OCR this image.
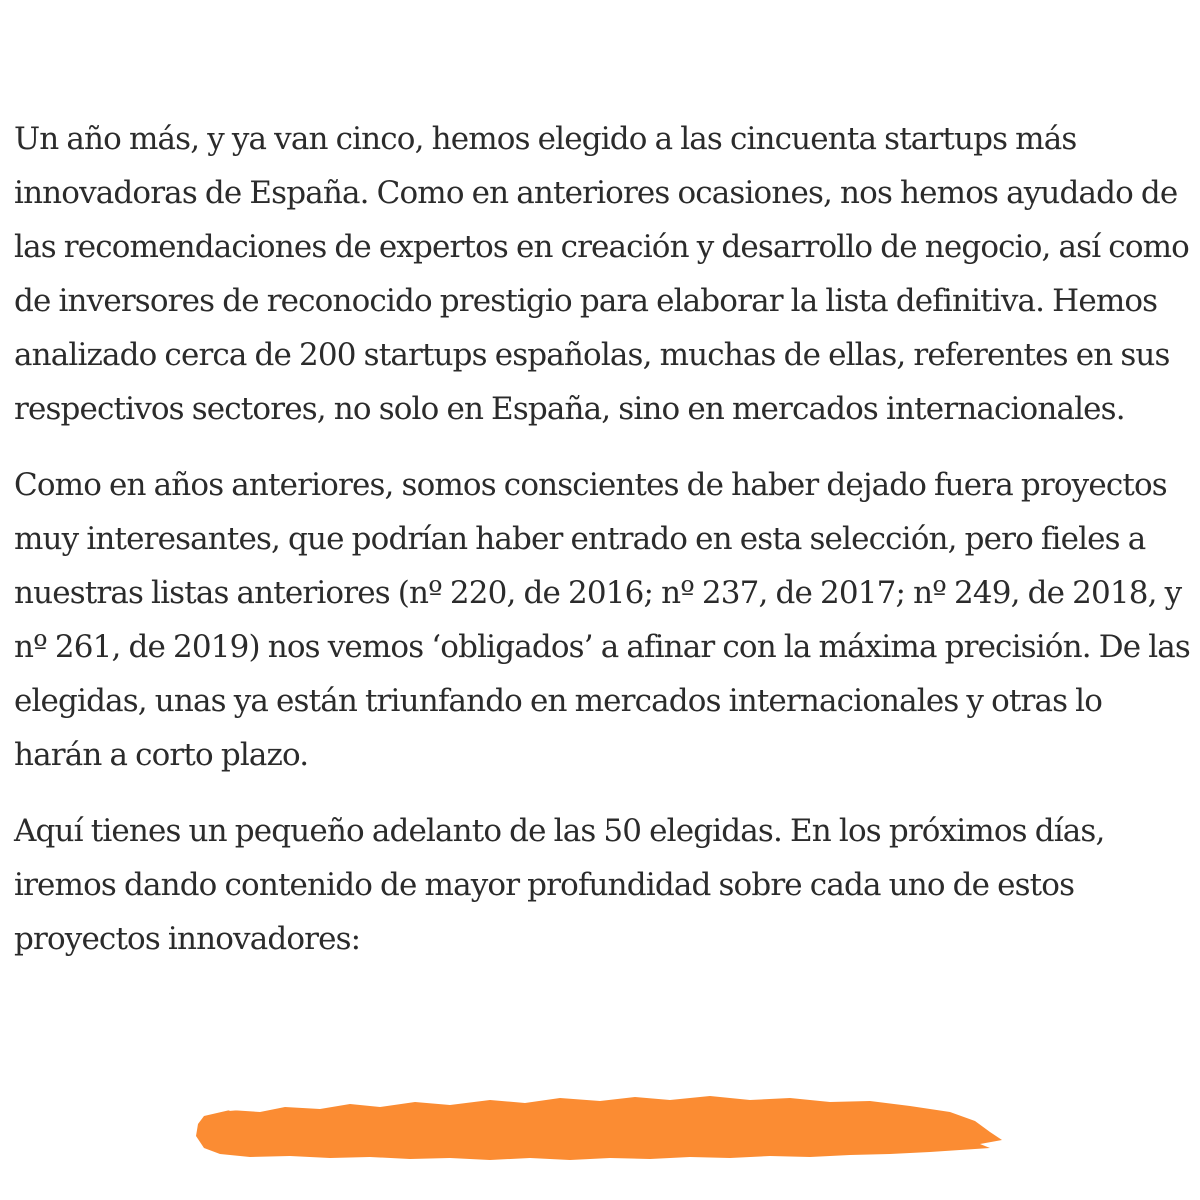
Un año más, y ya van cinco, hemos elegido a las cincuenta startups más innovadoras de España. Como en anteriores ocasiones, nos hemos ayudado de las recomendaciones de expertos en creación y desarrollo de negocio, así como de inversores de reconocido prestigio para elaborar la lista definitiva. Hemos analizado cerca de 200 startups españolas, muchas de ellas, referentes en sus respectivos sectores, no solo en España, sino en mercados internacionales.

Como en años anteriores, somos conscientes de haber dejado fuera proyectos muy interesantes, que podrían haber entrado en esta selección, pero fieles a nuestras listas anteriores (nº 220, de 2016; nº 237, de 2017; nº 249, de 2018, y nº 261, de 2019) nos vemos ‘obligados’ a afinar con la máxima precisión. De las elegidas, unas ya están triunfando en mercados internacionales y otras lo harán a corto plazo.

Aquí tienes un pequeño adelanto de las 50 elegidas. En los próximos días, iremos dando contenido de mayor profundidad sobre cada uno de estos proyectos innovadores:
